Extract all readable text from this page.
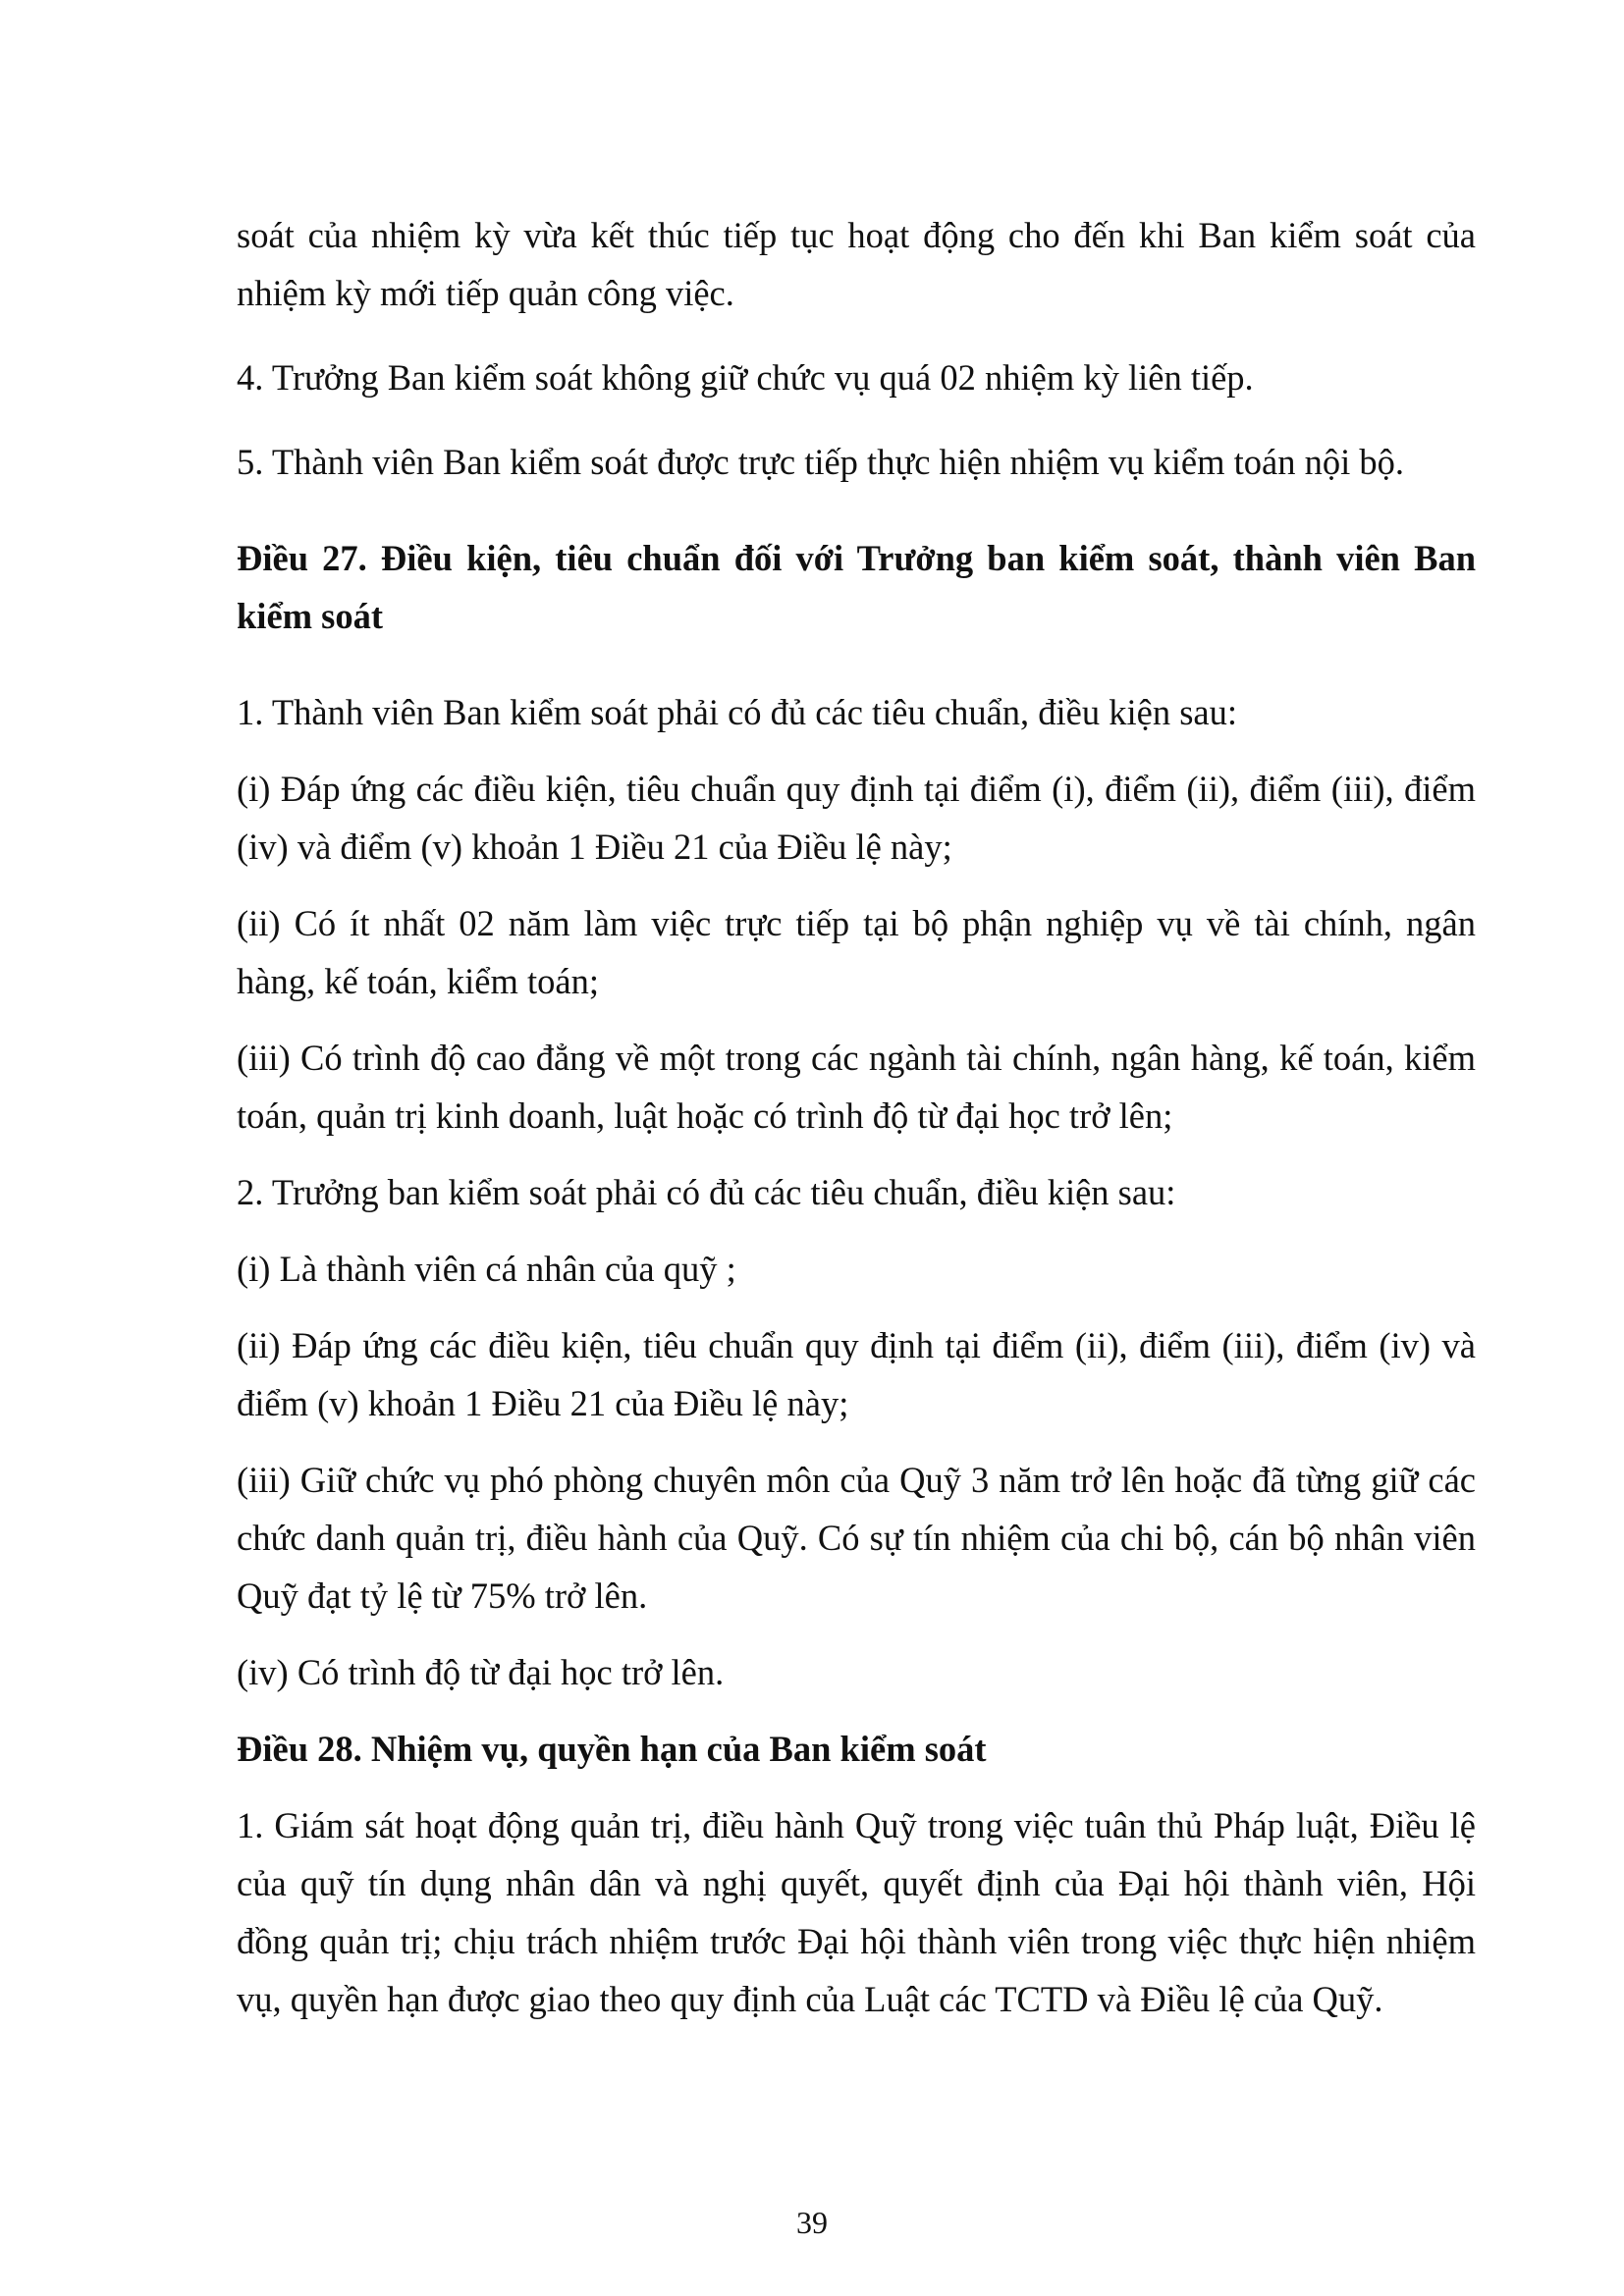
soát của nhiệm kỳ vừa kết thúc tiếp tục hoạt động cho đến khi Ban kiểm soát của nhiệm kỳ mới tiếp quản công việc.

4. Trưởng Ban kiểm soát không giữ chức vụ quá 02 nhiệm kỳ liên tiếp.

5. Thành viên Ban kiểm soát được trực tiếp thực hiện nhiệm vụ kiểm toán nội bộ.

Điều 27. Điều kiện, tiêu chuẩn đối với Trưởng ban kiểm soát, thành viên Ban kiểm soát

1. Thành viên Ban kiểm soát phải có đủ các tiêu chuẩn, điều kiện sau:

(i) Đáp ứng các điều kiện, tiêu chuẩn quy định tại điểm (i), điểm (ii), điểm (iii), điểm (iv) và điểm (v) khoản 1 Điều 21 của Điều lệ này;

(ii) Có ít nhất 02 năm làm việc trực tiếp tại bộ phận nghiệp vụ về tài chính, ngân hàng, kế toán, kiểm toán;

(iii) Có trình độ cao đẳng về một trong các ngành tài chính, ngân hàng, kế toán, kiểm toán, quản trị kinh doanh, luật hoặc có trình độ từ đại học trở lên;

2. Trưởng ban kiểm soát phải có đủ các tiêu chuẩn, điều kiện sau:

(i) Là thành viên cá nhân của quỹ ;

(ii) Đáp ứng các điều kiện, tiêu chuẩn quy định tại điểm (ii), điểm (iii), điểm (iv) và điểm (v) khoản 1 Điều 21 của Điều lệ này;

(iii) Giữ chức vụ phó phòng chuyên môn của Quỹ 3 năm trở lên hoặc đã từng giữ các chức danh quản trị, điều hành của Quỹ. Có sự tín nhiệm của chi bộ, cán bộ nhân viên Quỹ đạt tỷ lệ từ 75% trở lên.

(iv) Có trình độ từ đại học trở lên.

Điều 28. Nhiệm vụ, quyền hạn của Ban kiểm soát

1. Giám sát hoạt động quản trị, điều hành Quỹ trong việc tuân thủ Pháp luật, Điều lệ của quỹ tín dụng nhân dân và nghị quyết, quyết định của Đại hội thành viên, Hội đồng quản trị; chịu trách nhiệm trước Đại hội thành viên trong việc thực hiện nhiệm vụ, quyền hạn được giao theo quy định của Luật các TCTD và Điều lệ của Quỹ.

39
